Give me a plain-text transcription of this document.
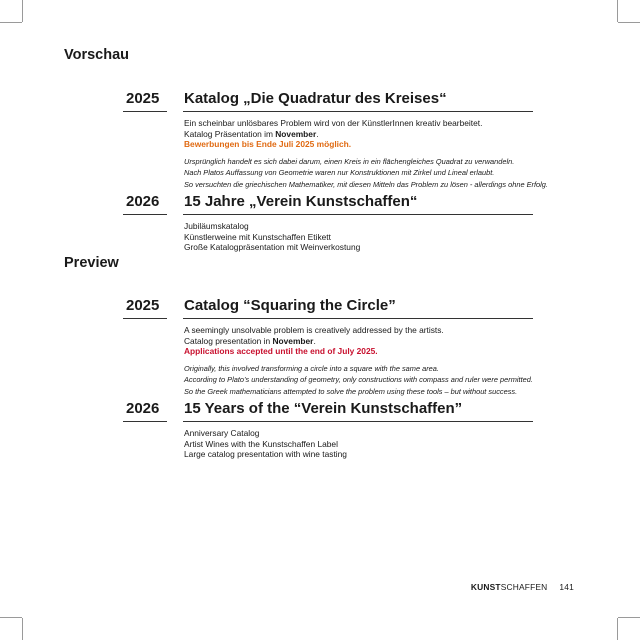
Vorschau
2025 Katalog „Die Quadratur des Kreises“
Ein scheinbar unlösbares Problem wird von der KünstlerInnen kreativ bearbeitet.
Katalog Präsentation im November.
Bewerbungen bis Ende Juli 2025 möglich.
Ursprünglich handelt es sich dabei darum, einen Kreis in ein flächengleiches Quadrat zu verwandeln.
Nach Platos Auffassung von Geometrie waren nur Konstruktionen mit Zirkel und Lineal erlaubt.
So versuchten die griechischen Mathematiker, mit diesen Mitteln das Problem zu lösen - allerdings ohne Erfolg.
2026 15 Jahre „Verein Kunstschaffen“
Jubiläumskatalog
Künstlerweine mit Kunstschaffen Etikett
Große Katalogpräsentation mit Weinverkostung
Preview
2025 Catalog “Squaring the Circle”
A seemingly unsolvable problem is creatively addressed by the artists.
Catalog presentation in November.
Applications accepted until the end of July 2025.
Originally, this involved transforming a circle into a square with the same area.
According to Plato’s understanding of geometry, only constructions with compass and ruler were permitted.
So the Greek mathematicians attempted to solve the problem using these tools – but without success.
2026 15 Years of the “Verein Kunstschaffen”
Anniversary Catalog
Artist Wines with the Kunstschaffen Label
Large catalog presentation with wine tasting
KUNSTSCHAFFEN 141
